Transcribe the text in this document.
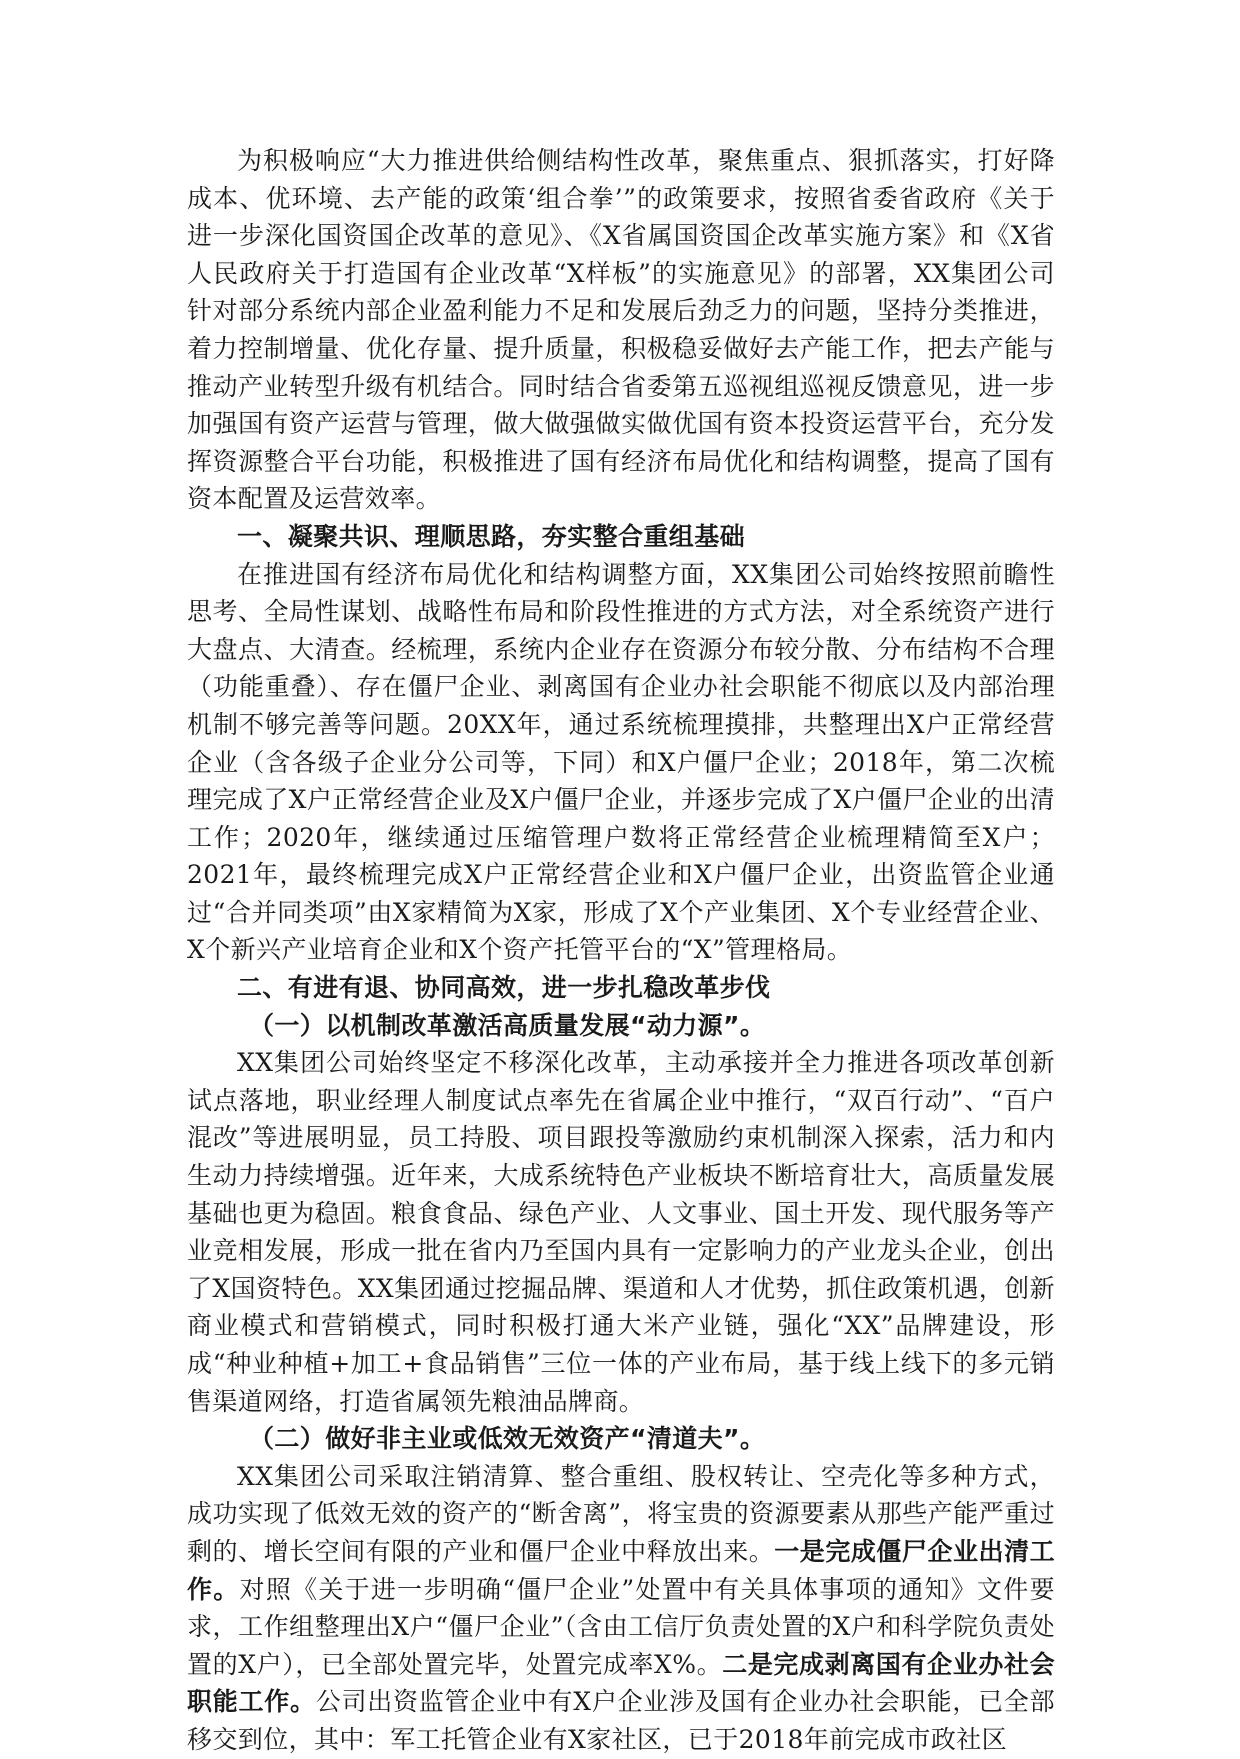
为积极响应“大力推进供给侧结构性改革，聚焦重点、狠抓落实，打好降成本、优环境、去产能的政策‘组合拳’”的政策要求，按照省委省政府《关于进一步深化国资国企改革的意见》、《X省属国资国企改革实施方案》和《X省人民政府关于打造国有企业改革“X样板”的实施意见》的部署，XX集团公司针对部分系统内部企业盈利能力不足和发展后劲乏力的问题，坚持分类推进，着力控制增量、优化存量、提升质量，积极稳妥做好去产能工作，把去产能与推动产业转型升级有机结合。同时结合省委第五巡视组巡视反馈意见，进一步加强国有资产运营与管理，做大做强做实做优国有资本投资运营平台，充分发挥资源整合平台功能，积极推进了国有经济布局优化和结构调整，提高了国有资本配置及运营效率。

一、凝聚共识、理顺思路，夯实整合重组基础

在推进国有经济布局优化和结构调整方面，XX集团公司始终按照前瞻性思考、全局性谋划、战略性布局和阶段性推进的方式方法，对全系统资产进行大盘点、大清查。经梳理，系统内企业存在资源分布较分散、分布结构不合理（功能重叠）、存在僵尸企业、剥离国有企业办社会职能不彻底以及内部治理机制不够完善等问题。20XX年，通过系统梳理摸排，共整理出X户正常经营企业（含各级子企业分公司等，下同）和X户僵尸企业；2018年，第二次梳理完成了X户正常经营企业及X户僵尸企业，并逐步完成了X户僵尸企业的出清工作；2020年，继续通过压缩管理户数将正常经营企业梳理精简至X户；2021年，最终梳理完成X户正常经营企业和X户僵尸企业，出资监管企业通过“合并同类项”由X家精简为X家，形成了X个产业集团、X个专业经营企业、X个新兴产业培育企业和X个资产托管平台的“X”管理格局。

二、有进有退、协同高效，进一步扎稳改革步伐

（一）以机制改革激活高质量发展“动力源”。

XX集团公司始终坚定不移深化改革，主动承接并全力推进各项改革创新试点落地，职业经理人制度试点率先在省属企业中推行，“双百行动”、“百户混改”等进展明显，员工持股、项目跟投等激励约束机制深入探索，活力和内生动力持续增强。近年来，大成系统特色产业板块不断培育壮大，高质量发展基础也更为稳固。粮食食品、绿色产业、人文事业、国土开发、现代服务等产业竞相发展，形成一批在省内乃至国内具有一定影响力的产业龙头企业，创出了X国资特色。XX集团通过挖掘品牌、渠道和人才优势，抓住政策机遇，创新商业模式和营销模式，同时积极打通大米产业链，强化“XX”品牌建设，形成“种业种植+加工+食品销售”三位一体的产业布局，基于线上线下的多元销售渠道网络，打造省属领先粮油品牌商。

（二）做好非主业或低效无效资产“清道夫”。

XX集团公司采取注销清算、整合重组、股权转让、空壳化等多种方式，成功实现了低效无效的资产的“断舍离”，将宝贵的资源要素从那些产能严重过剩的、增长空间有限的产业和僵尸企业中释放出来。一是完成僵尸企业出清工作。对照《关于进一步明确“僵尸企业”处置中有关具体事项的通知》文件要求，工作组整理出X户“僵尸企业”（含由工信厅负责处置的X户和科学院负责处置的X户），已全部处置完毕，处置完成率X%。二是完成剥离国有企业办社会职能工作。公司出资监管企业中有X户企业涉及国有企业办社会职能，已全部移交到位，其中：军工托管企业有X家社区，已于2018年前完成市政社区
